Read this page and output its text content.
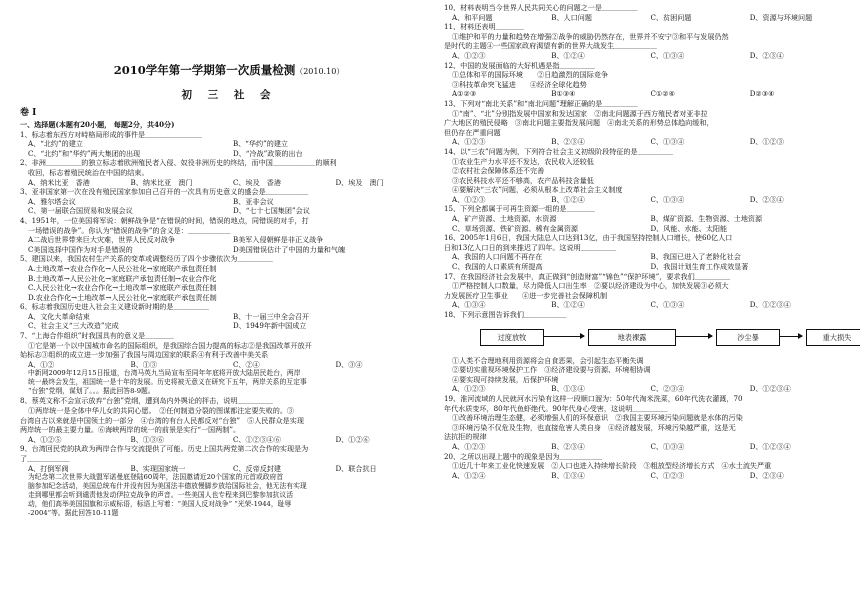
2010学年第一学期第一次质量检测（2010.10）
初 三 社 会
卷 Ⅰ
一、选择题(本题有20小题， 每题2分，共40分)
1、标志着东西方对峙格局形成的事件是＿＿＿＿＿＿＿＿
A、“北约”的建立	B、“华约”的建立
C、“北约”和“华约”两大集团的出现	D、“冷战”政策的出台
2、非洲＿＿＿＿＿的独立标志着欧洲殖民者入侵、奴役非洲历史的终结，而中国＿＿＿＿＿＿的顺利
收回，标志着殖民统治在中国的结束。
A、纳米比亚　香港	B、纳米比亚　澳门	C、埃及　香港	D、埃及　澳门
3、亚非国家第一次在没有殖民国家参加自己召开的一次具有历史意义的盛会是＿＿＿＿＿＿
A、雅尔塔会议	B、亚非会议
C、第一届联合国贸易和发展会议	D、“七十七国集团”会议
4、1951年，一位美国将军说：朝鲜战争是“在错误的时间，错误的地点，同错误的对手，打
一场错误的战争”。你认为“错误的战争”的含义是：＿＿＿＿＿＿
A二战后世界带来巨大灾难，世界人民反对战争	B美军入侵朝鲜是非正义战争
C美国选择中国作为对手是错误的	D美国错误估计了中国的力量和气魄
5、建国以来，我国农村生产关系的变革或调整经历了四个步骤依次为＿＿＿＿＿
A.土地改革→农业合作化→人民公社化→家庭联产承包责任制
B.土地改革→人民公社化→家庭联产承包责任制→农业合作化
C.人民公社化→农业合作化→土地改革→家庭联产承包责任制
D.农业合作化→土地改革→人民公社化→家庭联产承包责任制
6、标志着我国历史进入社会主义建设新时期的是＿＿＿＿＿
A、文化大革命结束	B、十一届三中全会召开
C、社会主义“三大改造”完成	D、1949年新中国成立
7、“上海合作组织”时我国具有的意义是＿＿＿＿
①它是第一个以中国城市命名的国际组织，是我国综合国力提高的标志②是我国改革开放开
始标志③组织的成立进一步加强了我国与周边国家的联系④有利于改善中美关系
A、①②	B、①③	C、②④	D、③④
中新网2009年12月15日报道，台湾马英九当局宣布至同年年底将开放大陆居民赴台，两岸
统一最终会发生，祖国统一是十年的发展。历史将被无意义在研究下五年，两岸关系的互定事
“台独”党纲，谋划了。。。据此回答8-9题。
8、蔡英文称不会宣示放弃“台独”党纲，遭到岛内外舆论的抨击，说明＿＿＿＿＿
①两岸统一是全体中华儿女的共同心愿。　②任何制造分裂的图谋都注定要失败的。③
台湾自古以来就是中国领土的一部分　④台湾的有台人民都反对“台独”　⑤人民群众是实现
两岸统一的最主要力量。⑥海峡两岸的统一的前景是实行“一国两制”。
A、①②⑤	B、①③⑥	C、①②③④⑥	D、①②⑥
9、台湾回民党的执政为两岸合作与交流提供了可能。历史上国共两党第二次合作的实现是为
了＿＿＿＿＿＿
A、打倒军阀	B、实现国家统一	C、反帝反封建	D、联合抗日
为纪念第二次世界大战盟军诺曼底登陆60周年，法国邀请近20个国家的元首或政府首
脑参加纪念活动，美国总统布什并没有因为美国法丰德放慢脚步放给国际社会，他无法有实现
走到哪里都会听到谴责他发动伊拉克战争的声音。一些美国人也专程来到巴黎参加抗议活
动，他们高举美国国旗和示威标语，标语上写着：“美国人反对战争” “光荣-1944，耻辱
-2004”等。据此回答10-11题
10、材料表明当今世界人民共同关心的问题之一是＿＿＿＿＿
A、和平问题	B、人口问题	C、贫困问题	D、资源与环境问题
11、材料还表明＿＿＿＿
①维护和平的力量和趋势在增强②战争的威胁仍然存在，世界并不安宁③和平与发展仍然
是时代的主题④一些国家政府渴望有新的世界大战发生＿＿＿＿＿＿
A、①②③	B、①②④	C、①③④	D、②③④
12、中国的发展面临的大好机遇是指＿＿＿＿＿
①总体和平的国际环境　　②日趋激烈的国际竞争
③科技革命突飞猛进　　④经济全球化趋势
A①②③	B①③④	C①②④	D②③④
13、下列对“南北关系”和“南北问题”理解正确的是＿＿＿＿＿
①“南”、“北”分别指发展中国家和发达国家　②南北问题源于西方殖民者对亚非拉
广大地区的殖民侵略　③南北问题主要指发展问题　④南北关系的形势总体趋向缓和，
但仍存在严重问题
A、①②③	B、②③④	C、①③④	D、①②③
14、以“三农”问题为例，下列符合社会主义初级阶段特征的是＿＿＿＿＿
①农业生产力水平还不发达，农民收入还较低
②农村社会保障体系还不完善
③农民科技水平还不够高，农产品科技含量低
④要解决“三农”问题，必须从根本上改革社会主义制度
A、①②③	B、①②④	C、①③④	D、②③④
15、下列全都属于可再生资源一组的是＿＿＿＿
A、矿产资源、土地资源、水资源	B、煤矿资源、生物资源、土地资源
C、草场资源、铁矿资源、稀有金属资源	D、风能、水能、太阳能
16、2005年1月6日，我国大陆总人口达到13亿，由于我国坚持控制人口增长，使60亿人口
日和13亿人口日的到来推迟了四年。这说明＿＿＿＿＿
A、我国的人口问题不再存在	B、我国已进入了老龄化社会
C、我国的人口素质有所提高	D、我国计划生育工作成效显著
17、在我国经济社会发展中，真正做到“创造财富”“锦色”“保护环境”，要求我们＿＿＿＿＿
①严格控制人口数量，尽力降低人口出生率　②要以经济建设为中心，加快发展③必须大
力发展医疗卫生事业　　④进一步完善社会保障机制
A、①③④	B、①②④	C、①③④	D、①②③④
18、下列示意图告诉我们＿＿＿＿＿＿
过度放牧	地表裸露	沙尘暴	重大损失
①人类不合理地利用资源将会自食恶果，会引起生态平衡失调
②要切实重视环境保护工作　③经济建设要与资源、环境相协调
④要实现可持续发展，后保护环境
A、①②③	B、①③④	C、②③④	D、①②③④
19、淮河流域的人民就河水污染有这样一段顺口溜为：50年代淘米洗菜，60年代洗衣灌溉，70
年代水质变坏，80年代鱼虾绝代。90年代身心受害，这说明＿＿＿＿＿
①改善环境治理生态健，必须增强人们的环保意识　②我国主要环境污染问题就是水体的污染
③环境污染不仅危及生物，也直接危害人类自身　④经济越发展，环境污染越严重，这是无
法抗拒的规律
A、①②③	B、②③④	C、①③④	D、①②③④
20、之所以出现上题中的现象是因为＿＿＿＿＿＿
①近几十年来工业化快速发展　②人口也进入持续增长阶段　③粗放型经济增长方式　④水土流失严重
A、①②④	B、①③④	C、①②③	D、②③④
